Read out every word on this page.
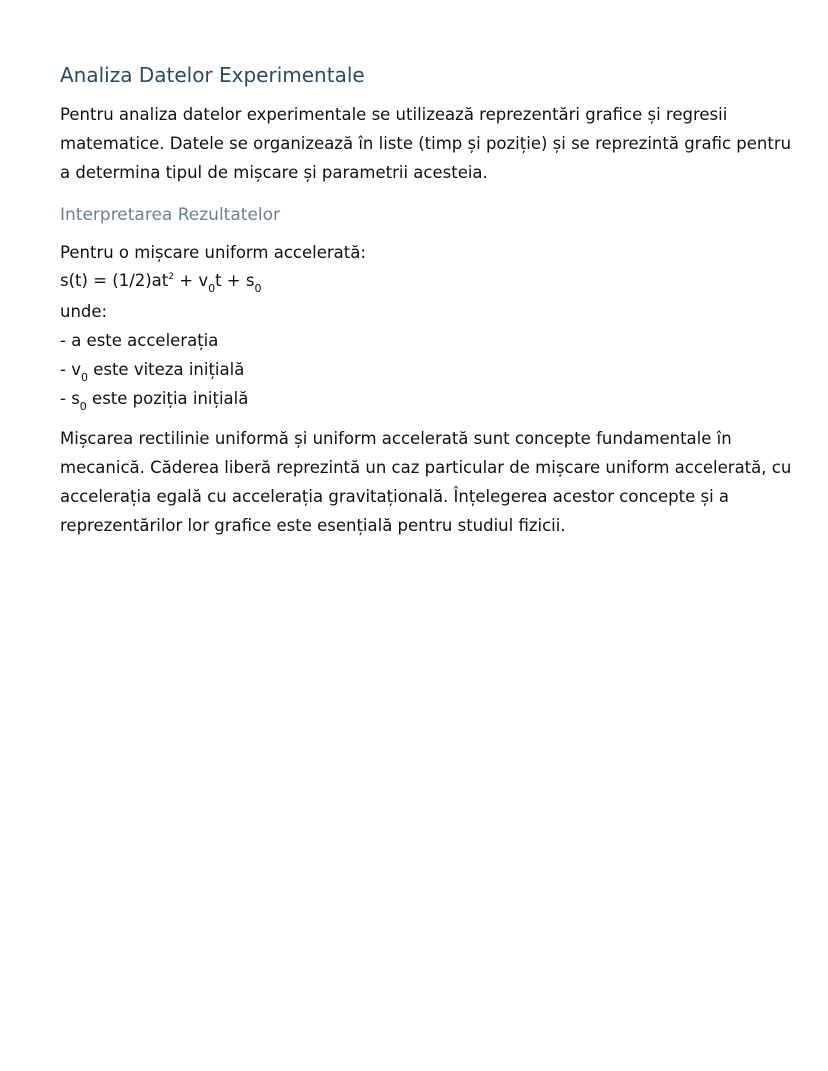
Analiza Datelor Experimentale
Pentru analiza datelor experimentale se utilizează reprezentări grafice și regresii
matematice. Datele se organizează în liste (timp și poziție) și se reprezintă grafic pentru
a determina tipul de mișcare și parametrii acesteia.
Interpretarea Rezultatelor
Pentru o mișcare uniform accelerată:
$s(t) = (1/2)at^2 + v_0t + s_0$
unde:
- a este accelerația
- $v_0$ este viteza inițială
- $s_0$ este poziția inițială
Mișcarea rectilinie uniformă și uniform accelerată sunt concepte fundamentale în
mecanică. Căderea liberă reprezintă un caz particular de mișcare uniform accelerată, cu
accelerația egală cu accelerația gravitațională. Înțelegerea acestor concepte și a
reprezentărilor lor grafice este esențială pentru studiul fizicii.
